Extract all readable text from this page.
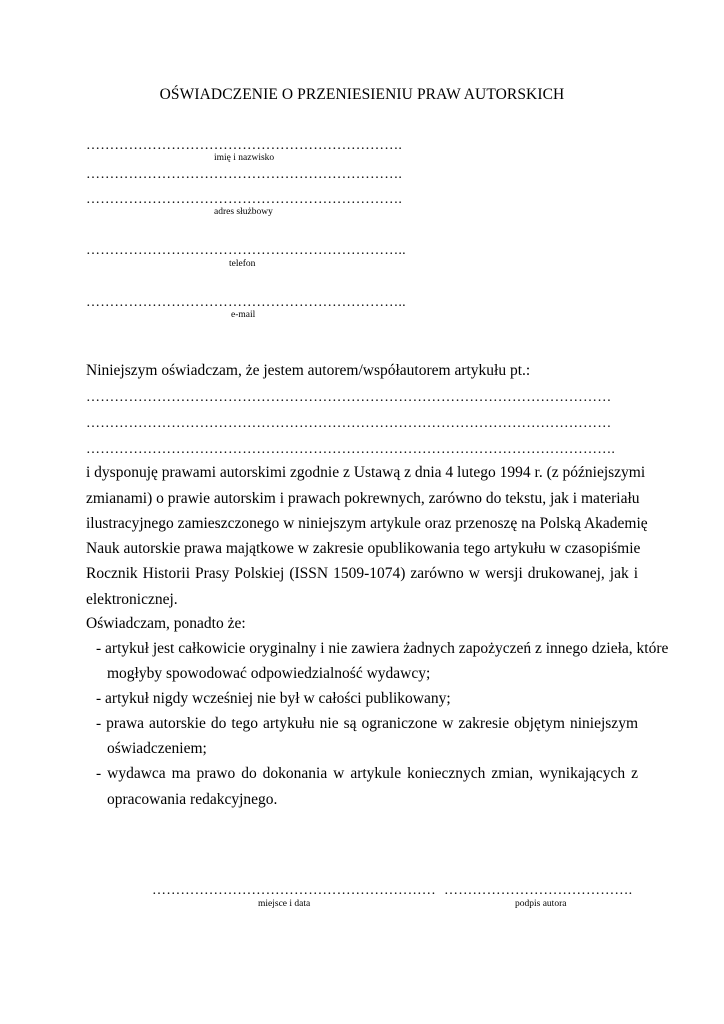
OŚWIADCZENIE O PRZENIESIENIU PRAW AUTORSKICH
………………………………………………………….
imię i nazwisko
………………………………………………………….
………………………………………………………….
adres służbowy
…………………………………………………………..
telefon
…………………………………………………………..
e-mail
Niniejszym oświadczam, że jestem autorem/współautorem artykułu pt.:
…………………………………………………………………………………………………
…………………………………………………………………………………………………
………………………………………………………………………………………………….
i dysponuję prawami autorskimi zgodnie z Ustawą z dnia 4 lutego 1994 r. (z późniejszymi
zmianami) o prawie autorskim i prawach pokrewnych, zarówno do tekstu, jak i materiału
ilustracyjnego zamieszczonego w niniejszym artykule oraz przenoszę na Polską Akademię
Nauk autorskie prawa majątkowe w zakresie opublikowania tego artykułu w czasopiśmie
Rocznik Historii Prasy Polskiej (ISSN 1509-1074) zarówno w wersji drukowanej, jak i
elektronicznej.
Oświadczam, ponadto że:
- artykuł jest całkowicie oryginalny i nie zawiera żadnych zapożyczeń z innego dzieła, które
mogłyby spowodować odpowiedzialność wydawcy;
- artykuł nigdy wcześniej nie był w całości publikowany;
- prawa autorskie do tego artykułu nie są ograniczone w zakresie objętym niniejszym
oświadczeniem;
- wydawca ma prawo do dokonania w artykule koniecznych zmian, wynikających z
opracowania redakcyjnego.
……………………………………………………
miejsce i data
………………………………….
podpis autora
